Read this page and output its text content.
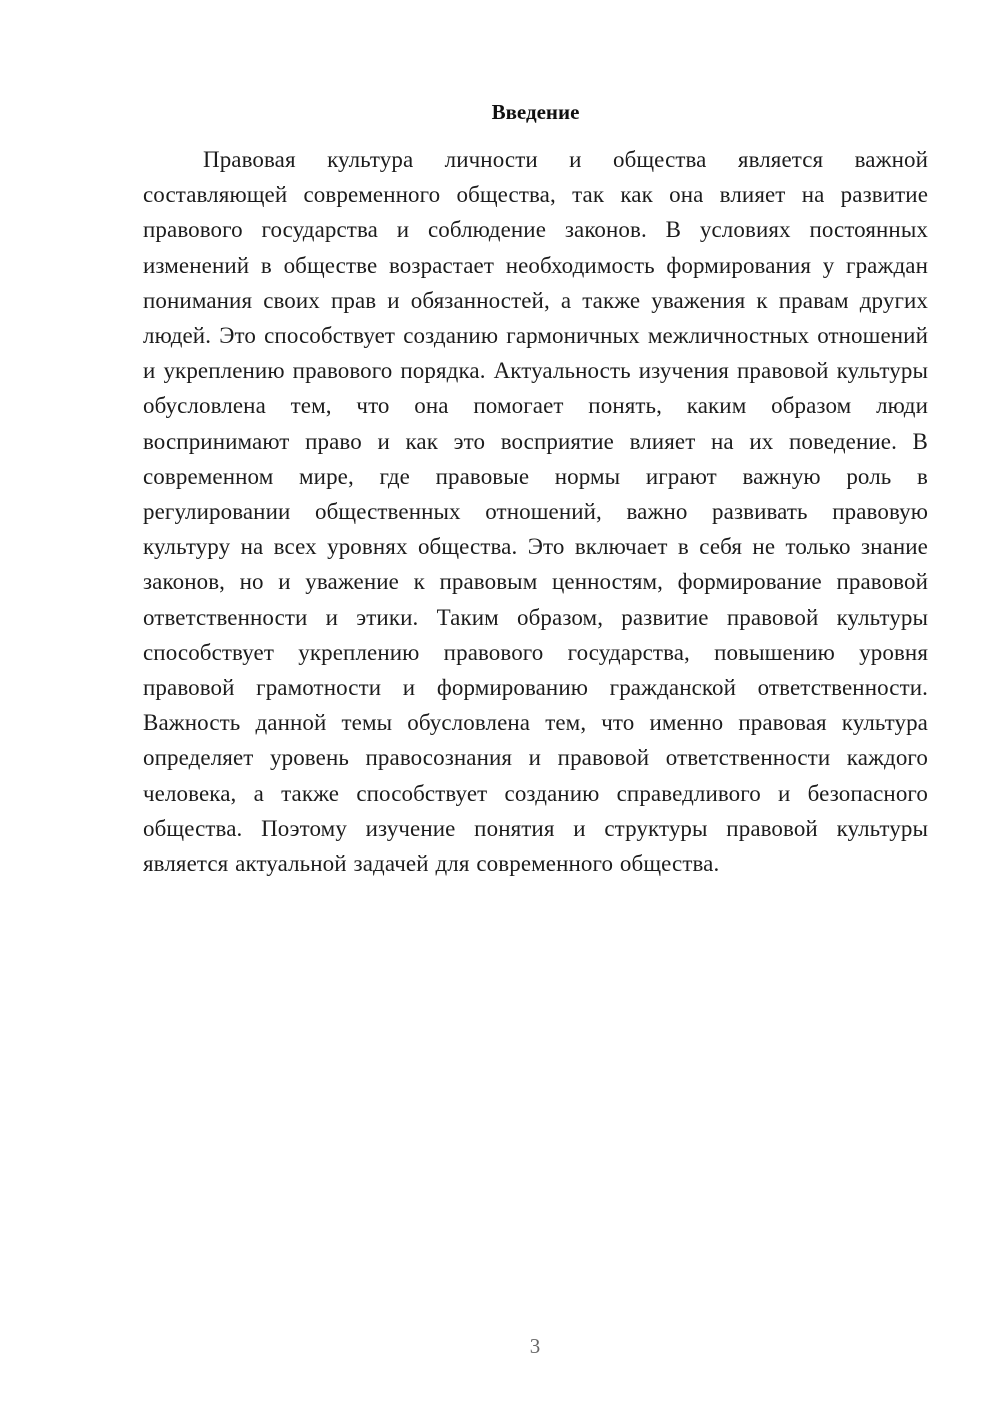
Введение

Правовая культура личности и общества является важной составляющей современного общества, так как она влияет на развитие правового государства и соблюдение законов. В условиях постоянных изменений в обществе возрастает необходимость формирования у граждан понимания своих прав и обязанностей, а также уважения к правам других людей. Это способствует созданию гармоничных межличностных отношений и укреплению правового порядка. Актуальность изучения правовой культуры обусловлена тем, что она помогает понять, каким образом люди воспринимают право и как это восприятие влияет на их поведение. В современном мире, где правовые нормы играют важную роль в регулировании общественных отношений, важно развивать правовую культуру на всех уровнях общества. Это включает в себя не только знание законов, но и уважение к правовым ценностям, формирование правовой ответственности и этики. Таким образом, развитие правовой культуры способствует укреплению правового государства, повышению уровня правовой грамотности и формированию гражданской ответственности. Важность данной темы обусловлена тем, что именно правовая культура определяет уровень правосознания и правовой ответственности каждого человека, а также способствует созданию справедливого и безопасного общества. Поэтому изучение понятия и структуры правовой культуры является актуальной задачей для современного общества.

3
